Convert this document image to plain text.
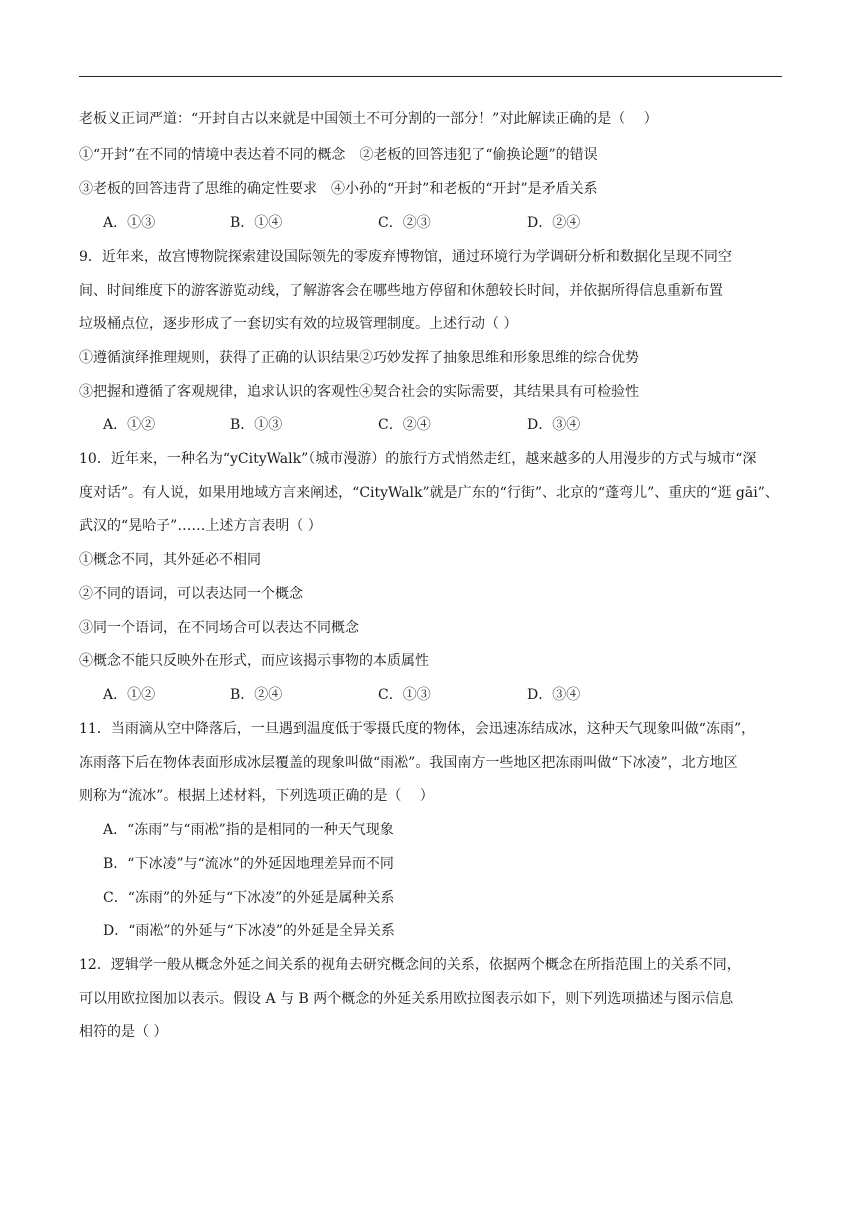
老板义正词严道：“开封自古以来就是中国领土不可分割的一部分！”对此解读正确的是（　 ）
①“开封”在不同的情境中表达着不同的概念　②老板的回答违犯了“偷换论题”的错误
③老板的回答违背了思维的确定性要求　④小孙的“开封”和老板的“开封”是矛盾关系
A．①③	B．①④	C．②③	D．②④
9．近年来，故宫博物院探索建设国际领先的零废弃博物馆，通过环境行为学调研分析和数据化呈现不同空
间、时间维度下的游客游览动线，了解游客会在哪些地方停留和休憩较长时间，并依据所得信息重新布置
垃圾桶点位，逐步形成了一套切实有效的垃圾管理制度。上述行动（ ）
①遵循演绎推理规则，获得了正确的认识结果②巧妙发挥了抽象思维和形象思维的综合优势
③把握和遵循了客观规律，追求认识的客观性④契合社会的实际需要，其结果具有可检验性
A．①②	B．①③	C．②④	D．③④
10．近年来，一种名为“yCityWalk”（城市漫游）的旅行方式悄然走红，越来越多的人用漫步的方式与城市“深
度对话”。有人说，如果用地域方言来阐述，“CityWalk”就是广东的“行街”、北京的“蓬弯儿”、重庆的“逛 gāi”、
武汉的“晃哈子”……上述方言表明（ ）
①概念不同，其外延必不相同
②不同的语词，可以表达同一个概念
③同一个语词，在不同场合可以表达不同概念
④概念不能只反映外在形式，而应该揭示事物的本质属性
A．①②	B．②④	C．①③	D．③④
11．当雨滴从空中降落后，一旦遇到温度低于零摄氏度的物体，会迅速冻结成冰，这种天气现象叫做“冻雨”，
冻雨落下后在物体表面形成冰层覆盖的现象叫做“雨凇”。我国南方一些地区把冻雨叫做“下冰凌”，北方地区
则称为“流冰”。根据上述材料，下列选项正确的是（　 ）
A．“冻雨”与“雨凇”指的是相同的一种天气现象
B．“下冰凌”与“流冰”的外延因地理差异而不同
C．“冻雨”的外延与“下冰凌”的外延是属种关系
D．“雨凇”的外延与“下冰凌”的外延是全异关系
12．逻辑学一般从概念外延之间关系的视角去研究概念间的关系，依据两个概念在所指范围上的关系不同，
可以用欧拉图加以表示。假设 A 与 B 两个概念的外延关系用欧拉图表示如下，则下列选项描述与图示信息
相符的是（ ）
